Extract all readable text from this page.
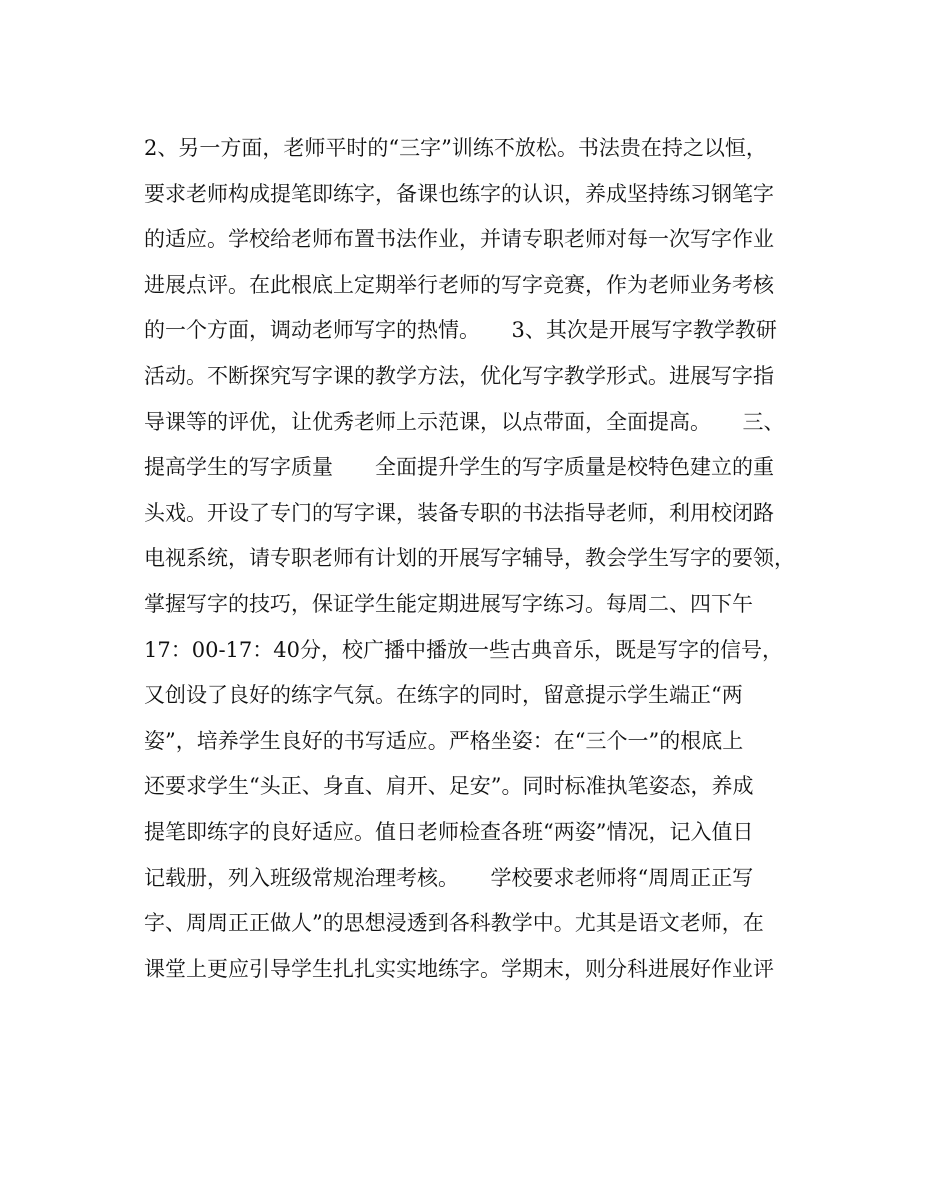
2、另一方面，老师平时的“三字”训练不放松。书法贵在持之以恒，
要求老师构成提笔即练字，备课也练字的认识，养成坚持练习钢笔字
的适应。学校给老师布置书法作业，并请专职老师对每一次写字作业
进展点评。在此根底上定期举行老师的写字竞赛，作为老师业务考核
的一个方面，调动老师写字的热情。　　3、其次是开展写字教学教研
活动。不断探究写字课的教学方法，优化写字教学形式。进展写字指
导课等的评优，让优秀老师上示范课，以点带面，全面提高。　　三、
提高学生的写字质量　　全面提升学生的写字质量是校特色建立的重
头戏。开设了专门的写字课，装备专职的书法指导老师，利用校闭路
电视系统，请专职老师有计划的开展写字辅导，教会学生写字的要领，
掌握写字的技巧，保证学生能定期进展写字练习。每周二、四下午
17：00-17：40分，校广播中播放一些古典音乐，既是写字的信号，
又创设了良好的练字气氛。在练字的同时，留意提示学生端正“两
姿”，培养学生良好的书写适应。严格坐姿：在“三个一”的根底上
还要求学生“头正、身直、肩开、足安”。同时标准执笔姿态，养成
提笔即练字的良好适应。值日老师检查各班“两姿”情况，记入值日
记载册，列入班级常规治理考核。　　学校要求老师将“周周正正写
字、周周正正做人”的思想浸透到各科教学中。尤其是语文老师，在
课堂上更应引导学生扎扎实实地练字。学期末，则分科进展好作业评
